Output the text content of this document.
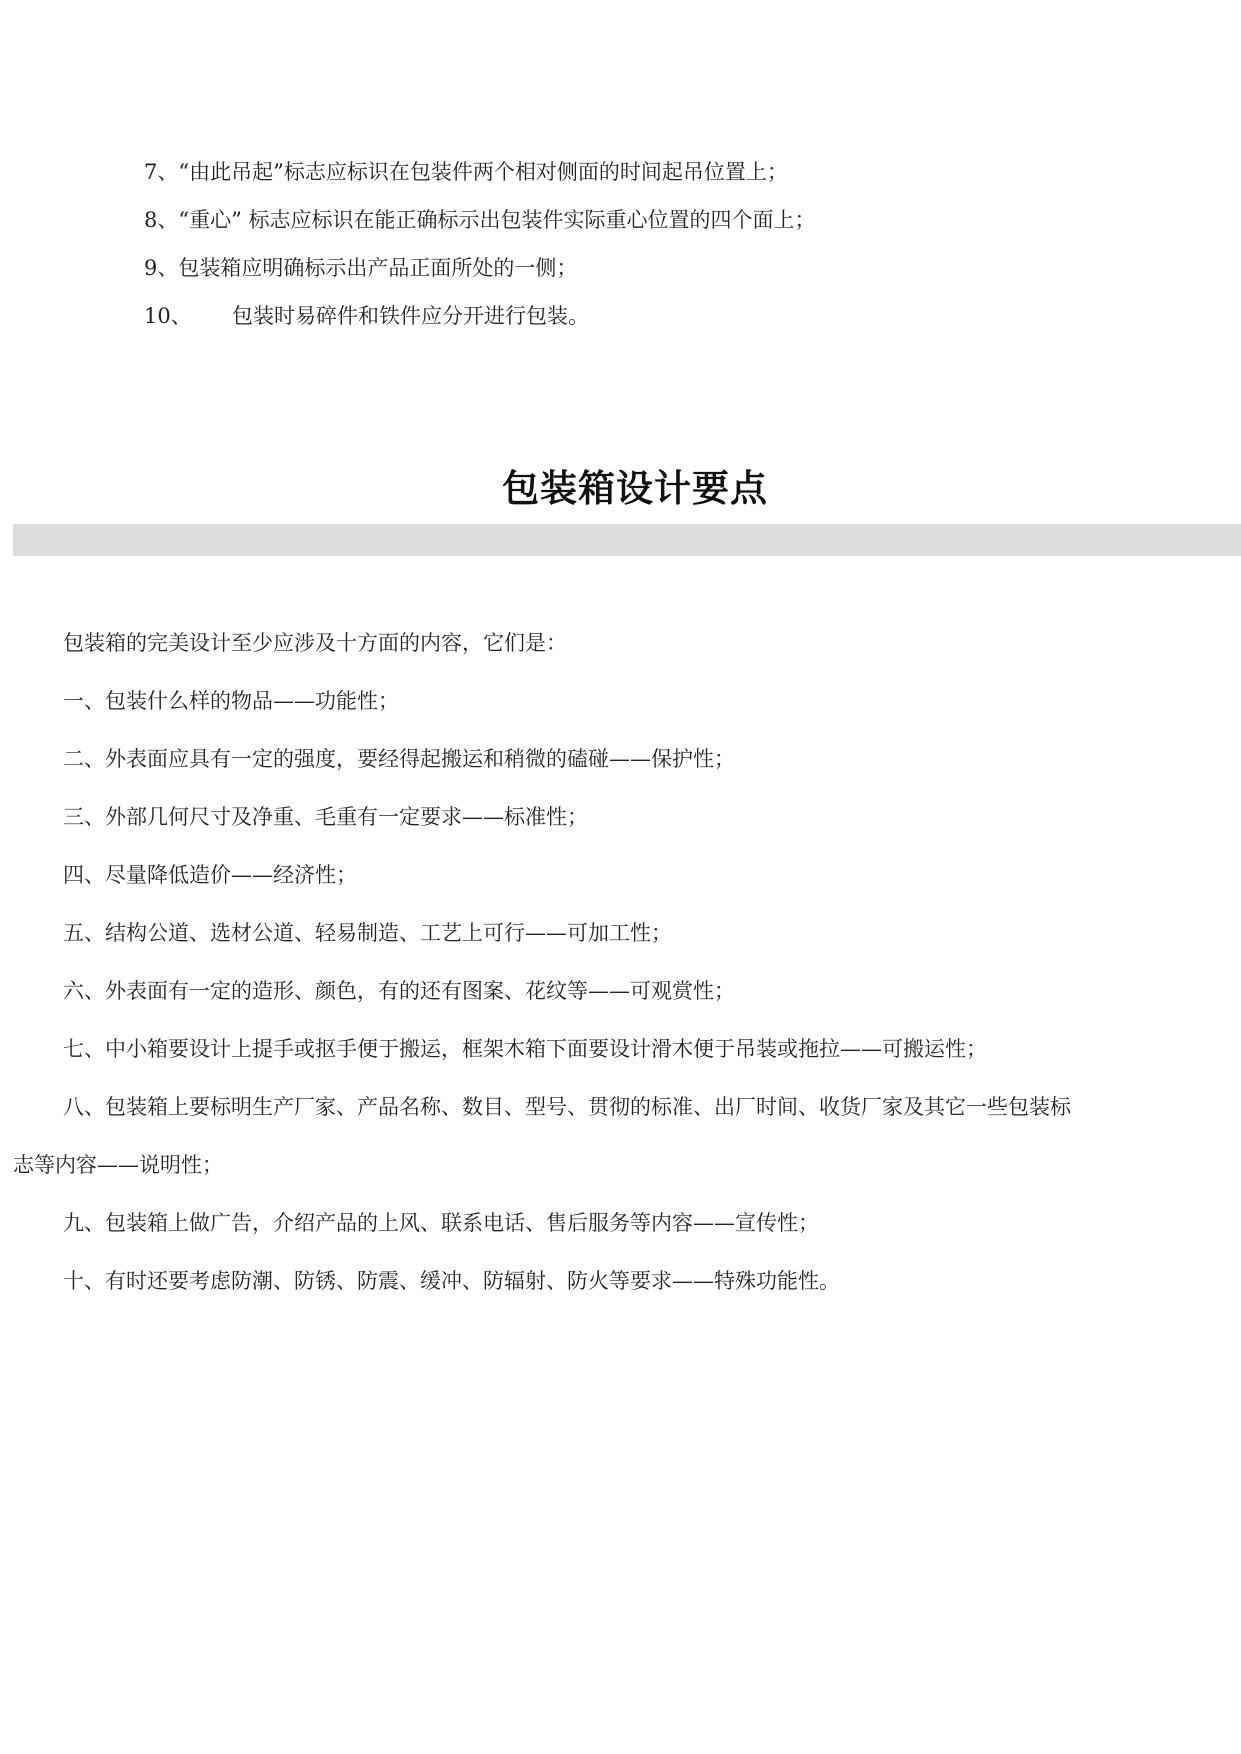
7、“由此吊起”标志应标识在包装件两个相对侧面的时间起吊位置上；
8、“重心” 标志应标识在能正确标示出包装件实际重心位置的四个面上；
9、包装箱应明确标示出产品正面所处的一侧；
10、 包装时易碎件和铁件应分开进行包装。
包装箱设计要点
包装箱的完美设计至少应涉及十方面的内容，它们是：
一、包装什么样的物品——功能性；
二、外表面应具有一定的强度，要经得起搬运和稍微的磕碰——保护性；
三、外部几何尺寸及净重、毛重有一定要求——标准性；
四、尽量降低造价——经济性；
五、结构公道、选材公道、轻易制造、工艺上可行——可加工性；
六、外表面有一定的造形、颜色，有的还有图案、花纹等——可观赏性；
七、中小箱要设计上提手或抠手便于搬运，框架木箱下面要设计滑木便于吊装或拖拉——可搬运性；
八、包装箱上要标明生产厂家、产品名称、数目、型号、贯彻的标准、出厂时间、收货厂家及其它一些包装标
志等内容——说明性；
九、包装箱上做广告，介绍产品的上风、联系电话、售后服务等内容——宣传性；
十、有时还要考虑防潮、防锈、防震、缓冲、防辐射、防火等要求——特殊功能性。
